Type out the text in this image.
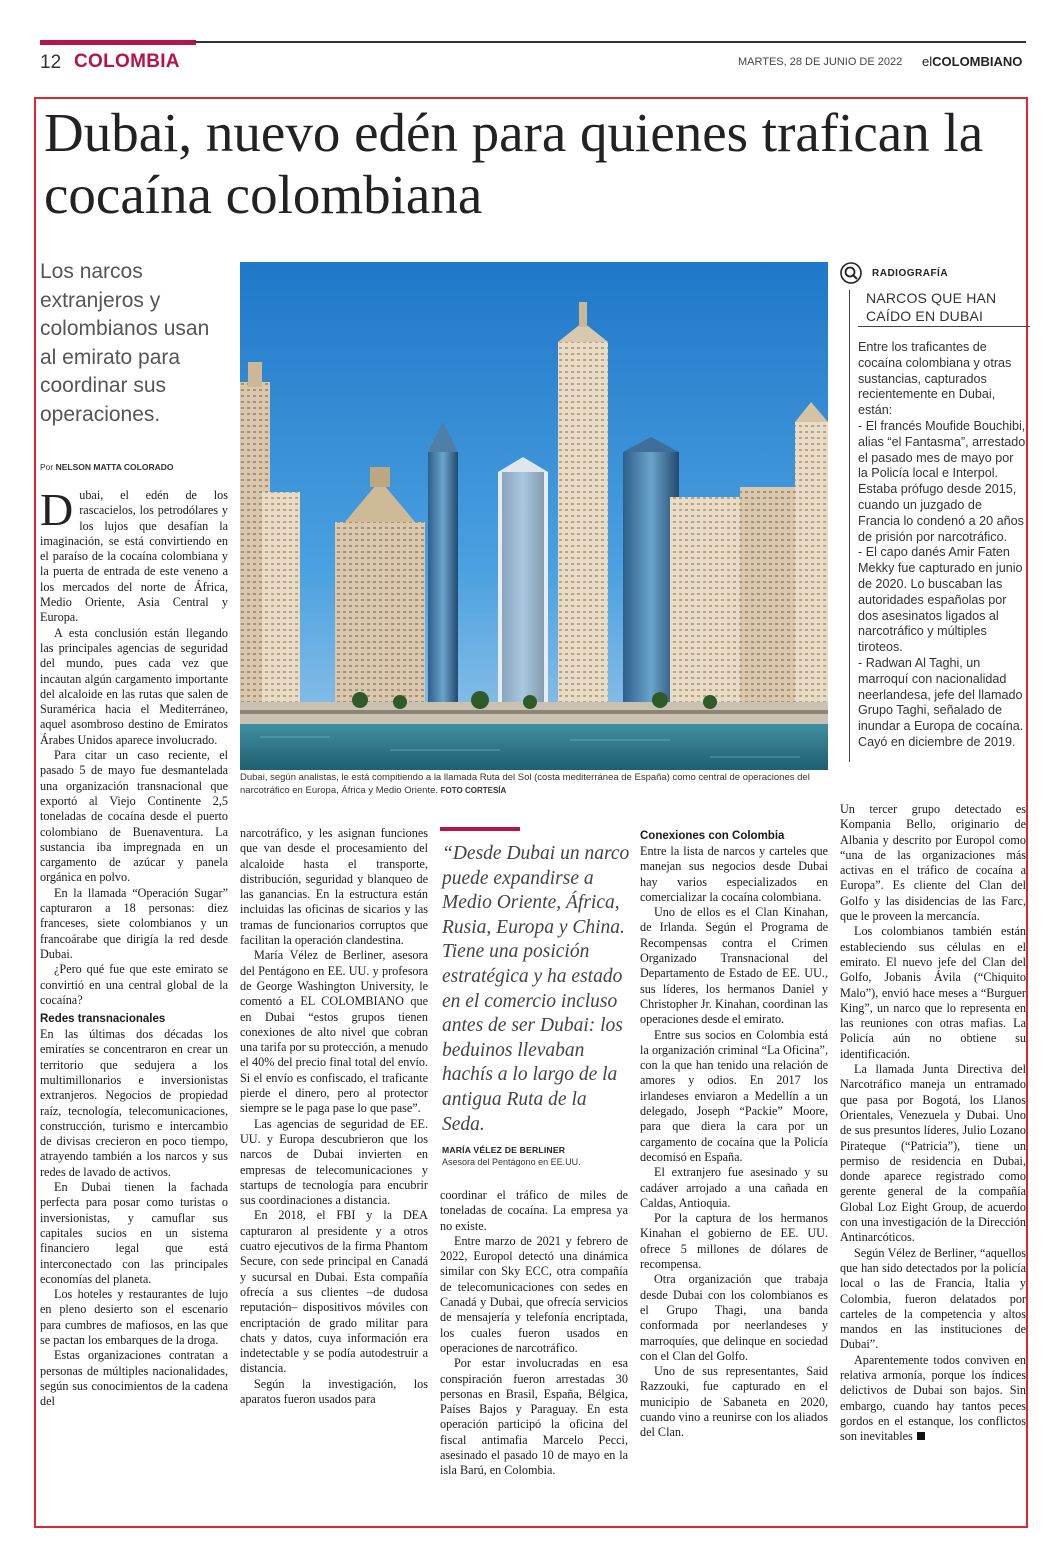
12 COLOMBIA	MARTES, 28 DE JUNIO DE 2022 elCOLOMBIANO
Dubai, nuevo edén para quienes trafican la cocaína colombiana
Los narcos extranjeros y colombianos usan al emirato para coordinar sus operaciones.
Por NELSON MATTA COLORADO
Dubai, según analistas, le está compitiendo a la llamada Ruta del Sol (costa mediterránea de España) como central de operaciones del narcotráfico en Europa, África y Medio Oriente. FOTO CORTESÍA
D ubai, el edén de los rascacielos, los petrodólares y los lujos que desafían la imaginación, se está convirtiendo en el paraíso de la cocaína colombiana y la puerta de entrada de este veneno a los mercados del norte de África, Medio Oriente, Asia Central y Europa.

A esta conclusión están llegando las principales agencias de seguridad del mundo, pues cada vez que incautan algún cargamento importante del alcaloide en las rutas que salen de Suramérica hacia el Mediterráneo, aquel asombroso destino de Emiratos Árabes Unidos aparece involucrado.

Para citar un caso reciente, el pasado 5 de mayo fue desmantelada una organización transnacional que exportó al Viejo Continente 2,5 toneladas de cocaína desde el puerto colombiano de Buenaventura. La sustancia iba impregnada en un cargamento de azúcar y panela orgánica en polvo.

En la llamada “Operación Sugar” capturaron a 18 personas: diez franceses, siete colombianos y un francoárabe que dirigía la red desde Dubai.

¿Pero qué fue que este emirato se convirtió en una central global de la cocaína?

Redes transnacionales

En las últimas dos décadas los emiratíes se concentraron en crear un territorio que sedujera a los multimillonarios e inversionistas extranjeros. Negocios de propiedad raíz, tecnología, telecomunicaciones, construcción, turismo e intercambio de divisas crecieron en poco tiempo, atrayendo también a los narcos y sus redes de lavado de activos.

En Dubai tienen la fachada perfecta para posar como turistas o inversionistas, y camuflar sus capitales sucios en un sistema financiero legal que está interconectado con las principales economías del planeta.

Los hoteles y restaurantes de lujo en pleno desierto son el escenario para cumbres de mafiosos, en las que se pactan los embarques de la droga.

Estas organizaciones contratan a personas de múltiples nacionalidades, según sus conocimientos de la cadena del

narcotráfico, y les asignan funciones que van desde el procesamiento del alcaloide hasta el transporte, distribución, seguridad y blanqueo de las ganancias. En la estructura están incluidas las oficinas de sicarios y las tramas de funcionarios corruptos que facilitan la operación clandestina.

María Vélez de Berliner, asesora del Pentágono en EE. UU. y profesora de George Washington University, le comentó a EL COLOMBIANO que en Dubai “estos grupos tienen conexiones de alto nivel que cobran una tarifa por su protección, a menudo el 40% del precio final total del envío. Si el envío es confiscado, el traficante pierde el dinero, pero al protector siempre se le paga pase lo que pase”.

Las agencias de seguridad de EE. UU. y Europa descubrieron que los narcos de Dubai invierten en empresas de telecomunicaciones y startups de tecnología para encubrir sus coordinaciones a distancia.

En 2018, el FBI y la DEA capturaron al presidente y a otros cuatro ejecutivos de la firma Phantom Secure, con sede principal en Canadá y sucursal en Dubai. Esta compañía ofrecía a sus clientes –de dudosa reputación– dispositivos móviles con encriptación de grado militar para chats y datos, cuya información era indetectable y se podía autodestruir a distancia.

Según la investigación, los aparatos fueron usados para

“Desde Dubai un narco puede expandirse a Medio Oriente, África, Rusia, Europa y China. Tiene una posición estratégica y ha estado en el comercio incluso antes de ser Dubai: los beduinos llevaban hachís a lo largo de la antigua Ruta de la Seda.
MARÍA VÉLEZ DE BERLINER
Asesora del Pentágono en EE.UU.

coordinar el tráfico de miles de toneladas de cocaína. La empresa ya no existe.

Entre marzo de 2021 y febrero de 2022, Europol detectó una dinámica similar con Sky ECC, otra compañía de telecomunicaciones con sedes en Canadá y Dubai, que ofrecía servicios de mensajería y telefonía encriptada, los cuales fueron usados en operaciones de narcotráfico.

Por estar involucradas en esa conspiración fueron arrestadas 30 personas en Brasil, España, Bélgica, Países Bajos y Paraguay. En esta operación participó la oficina del fiscal antimafia Marcelo Pecci, asesinado el pasado 10 de mayo en la isla Barú, en Colombia.

Conexiones con Colombia

Entre la lista de narcos y carteles que manejan sus negocios desde Dubai hay varios especializados en comercializar la cocaína colombiana.

Uno de ellos es el Clan Kinahan, de Irlanda. Según el Programa de Recompensas contra el Crimen Organizado Transnacional del Departamento de Estado de EE. UU., sus líderes, los hermanos Daniel y Christopher Jr. Kinahan, coordinan las operaciones desde el emirato.

Entre sus socios en Colombia está la organización criminal “La Oficina”, con la que han tenido una relación de amores y odios. En 2017 los irlandeses enviaron a Medellín a un delegado, Joseph “Packie” Moore, para que diera la cara por un cargamento de cocaína que la Policía decomisó en España.

El extranjero fue asesinado y su cadáver arrojado a una cañada en Caldas, Antioquia.

Por la captura de los hermanos Kinahan el gobierno de EE. UU. ofrece 5 millones de dólares de recompensa.

Otra organización que trabaja desde Dubai con los colombianos es el Grupo Thagi, una banda conformada por neerlandeses y marroquíes, que delinque en sociedad con el Clan del Golfo.

Uno de sus representantes, Said Razzouki, fue capturado en el municipio de Sabaneta en 2020, cuando vino a reunirse con los aliados del Clan.

Un tercer grupo detectado es Kompania Bello, originario de Albania y descrito por Europol como “una de las organizaciones más activas en el tráfico de cocaína a Europa”. Es cliente del Clan del Golfo y las disidencias de las Farc, que le proveen la mercancía.

Los colombianos también están estableciendo sus células en el emirato. El nuevo jefe del Clan del Golfo, Jobanis Ávila (“Chiquito Malo”), envió hace meses a “Burguer King”, un narco que lo representa en las reuniones con otras mafias. La Policía aún no obtiene su identificación.

La llamada Junta Directiva del Narcotráfico maneja un entramado que pasa por Bogotá, los Llanos Orientales, Venezuela y Dubai. Uno de sus presuntos líderes, Julio Lozano Pirateque (“Patricia”), tiene un permiso de residencia en Dubai, donde aparece registrado como gerente general de la compañía Global Loz Eight Group, de acuerdo con una investigación de la Dirección Antinarcóticos.

Según Vélez de Berliner, “aquellos que han sido detectados por la policía local o las de Francia, Italia y Colombia, fueron delatados por carteles de la competencia y altos mandos en las instituciones de Dubai”.

Aparentemente todos conviven en relativa armonía, porque los índices delictivos de Dubai son bajos. Sin embargo, cuando hay tantos peces gordos en el estanque, los conflictos son inevitables

RADIOGRAFÍA
NARCOS QUE HAN CAÍDO EN DUBAI
Entre los traficantes de cocaína colombiana y otras sustancias, capturados recientemente en Dubai, están:
- El francés Moufide Bouchibi, alias “el Fantasma”, arrestado el pasado mes de mayo por la Policía local e Interpol. Estaba prófugo desde 2015, cuando un juzgado de Francia lo condenó a 20 años de prisión por narcotráfico.
- El capo danés Amir Faten Mekky fue capturado en junio de 2020. Lo buscaban las autoridades españolas por dos asesinatos ligados al narcotráfico y múltiples tiroteos.
- Radwan Al Taghi, un marroquí con nacionalidad neerlandesa, jefe del llamado Grupo Taghi, señalado de inundar a Europa de cocaína. Cayó en diciembre de 2019.
